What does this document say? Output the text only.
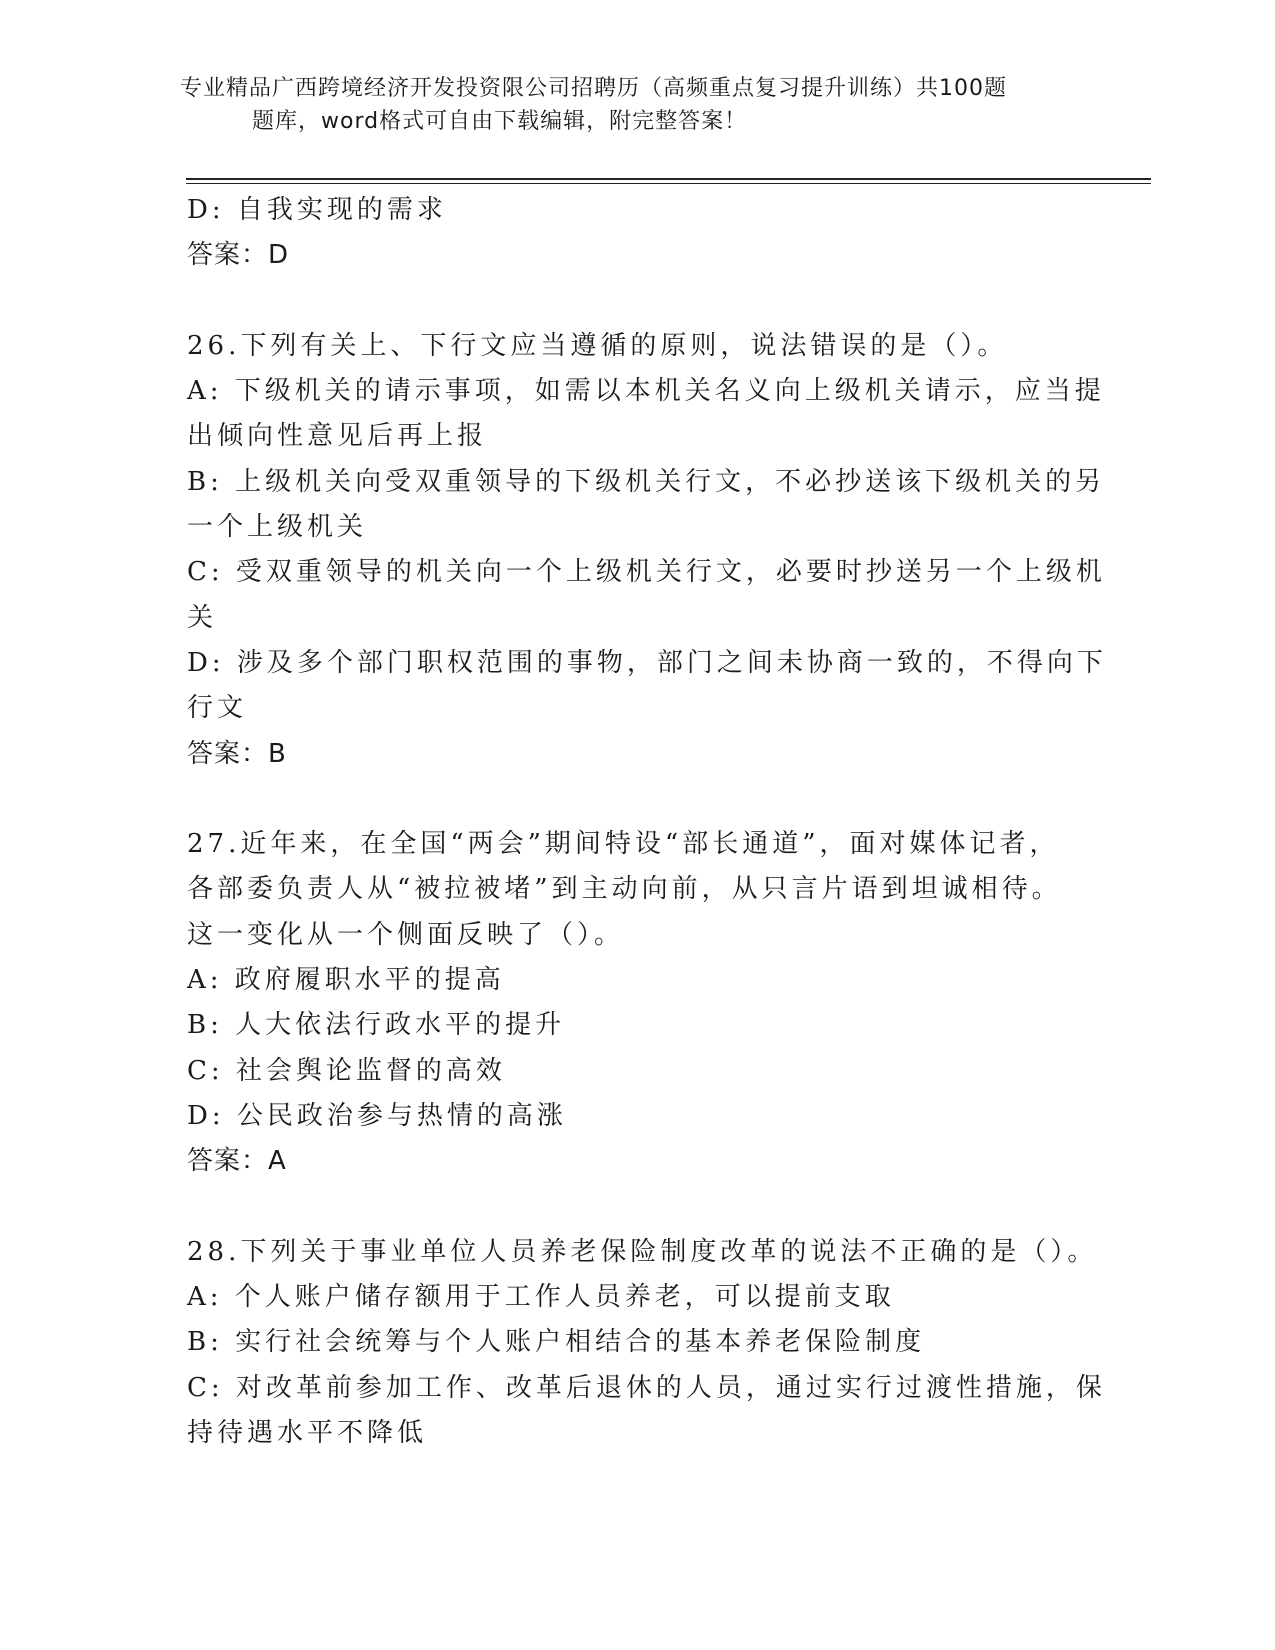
专业精品广西跨境经济开发投资限公司招聘历（高频重点复习提升训练）共100题
题库，word格式可自由下载编辑，附完整答案！
D: 自我实现的需求
答案：D
26.下列有关上、下行文应当遵循的原则，说法错误的是（）。
A: 下级机关的请示事项，如需以本机关名义向上级机关请示，应当提
出倾向性意见后再上报
B: 上级机关向受双重领导的下级机关行文，不必抄送该下级机关的另
一个上级机关
C: 受双重领导的机关向一个上级机关行文，必要时抄送另一个上级机
关
D: 涉及多个部门职权范围的事物，部门之间未协商一致的，不得向下
行文
答案：B
27.近年来，在全国“两会”期间特设“部长通道”，面对媒体记者，
各部委负责人从“被拉被堵”到主动向前，从只言片语到坦诚相待。
这一变化从一个侧面反映了（）。
A: 政府履职水平的提高
B: 人大依法行政水平的提升
C: 社会舆论监督的高效
D: 公民政治参与热情的高涨
答案：A
28.下列关于事业单位人员养老保险制度改革的说法不正确的是（）。
A: 个人账户储存额用于工作人员养老，可以提前支取
B: 实行社会统筹与个人账户相结合的基本养老保险制度
C: 对改革前参加工作、改革后退休的人员，通过实行过渡性措施，保
持待遇水平不降低
